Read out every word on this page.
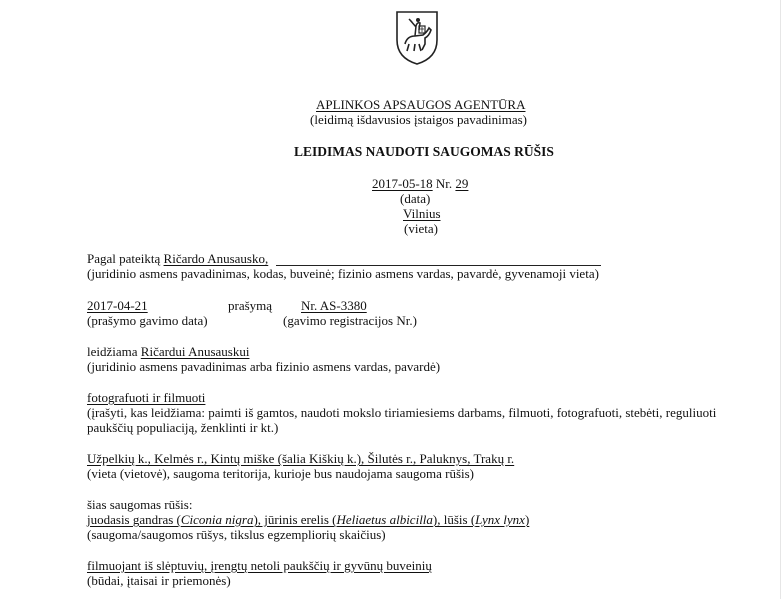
APLINKOS APSAUGOS AGENTŪRA
(leidimą išdavusios įstaigos pavadinimas)
LEIDIMAS NAUDOTI SAUGOMAS RŪŠIS
2017-05-18 Nr. 29
(data)
Vilnius
(vieta)
Pagal pateiktą Ričardo Anusausko,
(juridinio asmens pavadinimas, kodas, buveinė; fizinio asmens vardas, pavardė, gyvenamoji vieta)
2017-04-21	prašymą Nr. AS-3380
(prašymo gavimo data)	(gavimo registracijos Nr.)
leidžiama Ričardui Anusauskui
(juridinio asmens pavadinimas arba fizinio asmens vardas, pavardė)
fotografuoti ir filmuoti
(įrašyti, kas leidžiama: paimti iš gamtos, naudoti mokslo tiriamiesiems darbams, filmuoti, fotografuoti, stebėti, reguliuoti
paukščių populiaciją, ženklinti ir kt.)
Užpelkių k., Kelmės r., Kintų miške (šalia Kiškių k.), Šilutės r., Paluknys, Trakų r.
(vieta (vietovė), saugoma teritorija, kurioje bus naudojama saugoma rūšis)
šias saugomas rūšis:
juodasis gandras (Ciconia nigra), jūrinis erelis (Heliaetus albicilla), lūšis (Lynx lynx)
(saugoma/saugomos rūšys, tikslus egzempliorių skaičius)
filmuojant iš slėptuvių, įrengtų netoli paukščių ir gyvūnų buveinių
(būdai, įtaisai ir priemonės)
